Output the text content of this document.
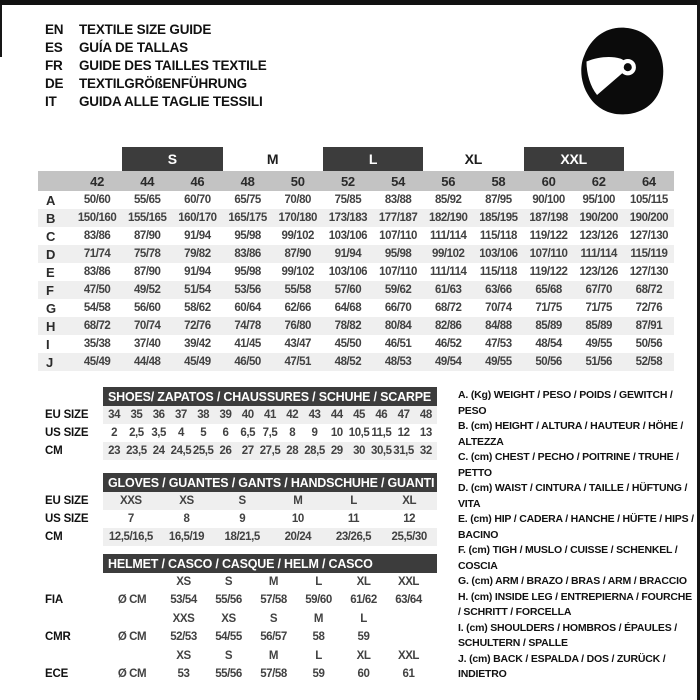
EN	TEXTILE SIZE GUIDE
ES	GUÍA DE TALLAS
FR	GUIDE DES TAILLES TEXTILE
DE	TEXTILGRÖßENFÜHRUNG
IT	GUIDA ALLE TAGLIE TESSILI
S	M	L	XL	XXL
42	44	46	48	50	52	54	56	58	60	62	64
A	50/60	55/65	60/70	65/75	70/80	75/85	83/88	85/92	87/95	90/100	95/100	105/115
B	150/160	155/165	160/170	165/175	170/180	173/183	177/187	182/190	185/195	187/198	190/200	190/200
C	83/86	87/90	91/94	95/98	99/102	103/106	107/110	111/114	115/118	119/122	123/126	127/130
D	71/74	75/78	79/82	83/86	87/90	91/94	95/98	99/102	103/106	107/110	111/114	115/119
E	83/86	87/90	91/94	95/98	99/102	103/106	107/110	111/114	115/118	119/122	123/126	127/130
F	47/50	49/52	51/54	53/56	55/58	57/60	59/62	61/63	63/66	65/68	67/70	68/72
G	54/58	56/60	58/62	60/64	62/66	64/68	66/70	68/72	70/74	71/75	71/75	72/76
H	68/72	70/74	72/76	74/78	76/80	78/82	80/84	82/86	84/88	85/89	85/89	87/91
I	35/38	37/40	39/42	41/45	43/47	45/50	46/51	46/52	47/53	48/54	49/55	50/56
J	45/49	44/48	45/49	46/50	47/51	48/52	48/53	49/54	49/55	50/56	51/56	52/58
SHOES/ ZAPATOS / CHAUSSURES / SCHUHE / SCARPE
EU SIZE	34 35 36 37 38 39 40 41 42 43 44 45 46 47 48
US SIZE	2	2,5 3,5	4	5	6	6,5 7,5	8	9	10 10,5 11,5 12 13
CM	23 23,5 24 24,5 25,5 26 27 27,5 28 28,5 29 30 30,5 31,5 32
GLOVES / GUANTES / GANTS / HANDSCHUHE / GUANTI
EU SIZE	XXS	XS	S	M	L	XL
US SIZE	7	8	9	10	11	12
CM	12,5/16,5	16,5/19	18/21,5	20/24	23/26,5	25,5/30
HELMET / CASCO / CASQUE / HELM / CASCO
XS	S	M	L	XL	XXL
FIA	Ø CM	53/54	55/56	57/58	59/60	61/62	63/64
XXS	XS	S	M	L
CMR	Ø CM	52/53	54/55	56/57	58	59
XS	S	M	L	XL	XXL
ECE	Ø CM	53	55/56	57/58	59	60	61
A. (Kg) WEIGHT / PESO / POIDS / GEWITCH / PESO
B. (cm) HEIGHT / ALTURA / HAUTEUR / HÖHE / ALTEZZA
C. (cm) CHEST / PECHO / POITRINE / TRUHE / PETTO
D. (cm) WAIST / CINTURA / TAILLE / HÜFTUNG / VITA
E. (cm) HIP / CADERA / HANCHE / HÜFTE / HIPS / BACINO
F. (cm) TIGH / MUSLO / CUISSE / SCHENKEL / COSCIA
G. (cm) ARM / BRAZO / BRAS / ARM / BRACCIO
H. (cm) INSIDE LEG / ENTREPIERNA / FOURCHE / SCHRITT / FORCELLA
I. (cm) SHOULDERS / HOMBROS / ÉPAULES / SCHULTERN / SPALLE
J. (cm) BACK / ESPALDA / DOS / ZURÜCK / INDIETRO
